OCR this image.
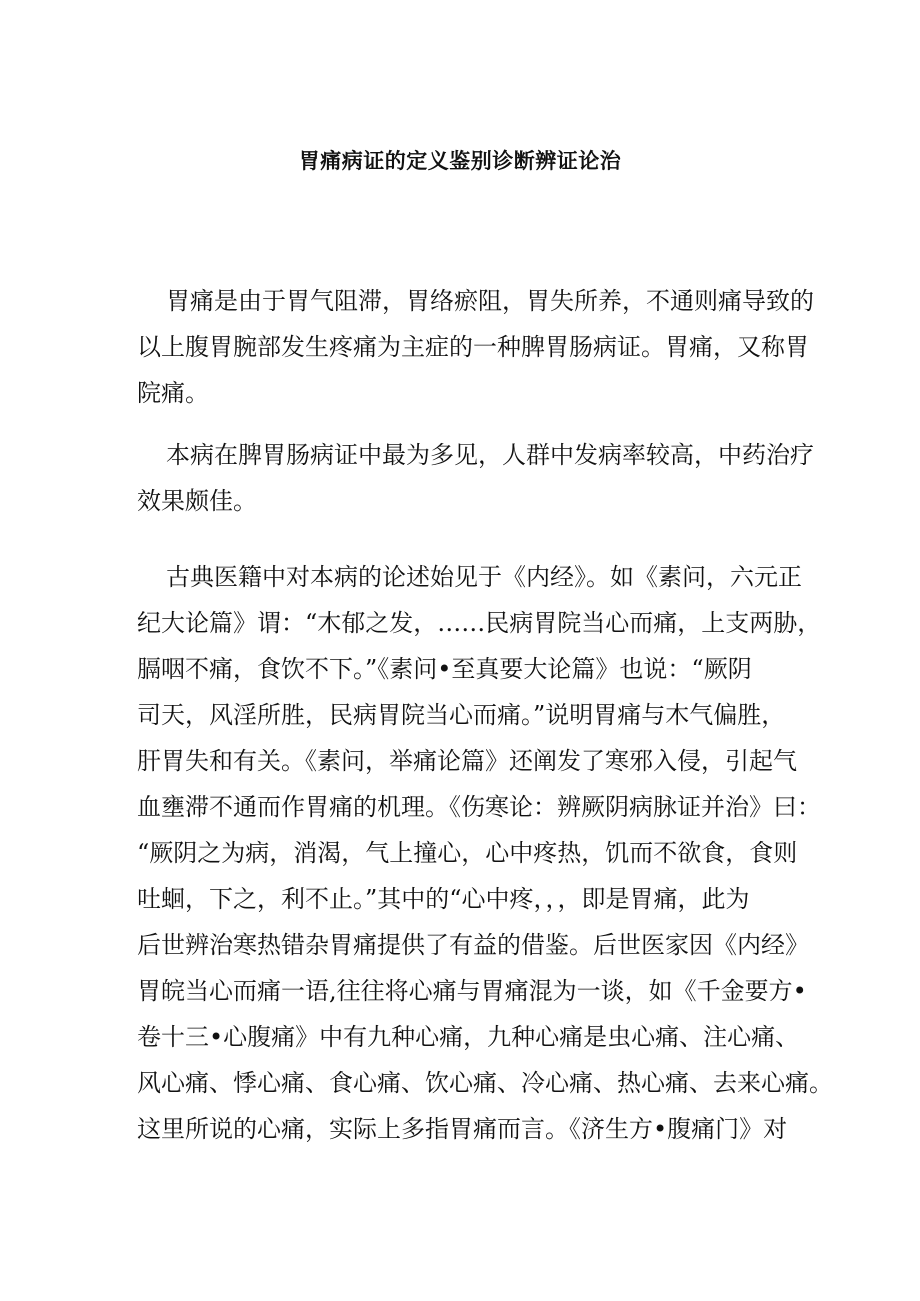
胃痛病证的定义鉴别诊断辨证论治
胃痛是由于胃气阻滞，胃络瘀阻，胃失所养，不通则痛导致的
以上腹胃腕部发生疼痛为主症的一种脾胃肠病证。胃痛，又称胃
院痛。
本病在脾胃肠病证中最为多见，人群中发病率较高，中药治疗
效果颇佳。
古典医籍中对本病的论述始见于《内经》。如《素问，六元正
纪大论篇》谓：“木郁之发，……民病胃院当心而痛，上支两胁，
膈咽不痛，食饮不下。”《素问•至真要大论篇》也说：“厥阴
司天，风淫所胜，民病胃院当心而痛。”说明胃痛与木气偏胜，
肝胃失和有关。《素问，举痛论篇》还阐发了寒邪入侵，引起气
血壅滞不通而作胃痛的机理。《伤寒论：辨厥阴病脉证并治》曰：
“厥阴之为病，消渴，气上撞心，心中疼热，饥而不欲食，食则
吐蛔，下之，利不止。”其中的“心中疼，，，即是胃痛，此为
后世辨治寒热错杂胃痛提供了有益的借鉴。后世医家因《内经》
胃皖当心而痛一语,往往将心痛与胃痛混为一谈，如《千金要方•
卷十三•心腹痛》中有九种心痛，九种心痛是虫心痛、注心痛、
风心痛、悸心痛、食心痛、饮心痛、冷心痛、热心痛、去来心痛。
这里所说的心痛，实际上多指胃痛而言。《济生方•腹痛门》对
